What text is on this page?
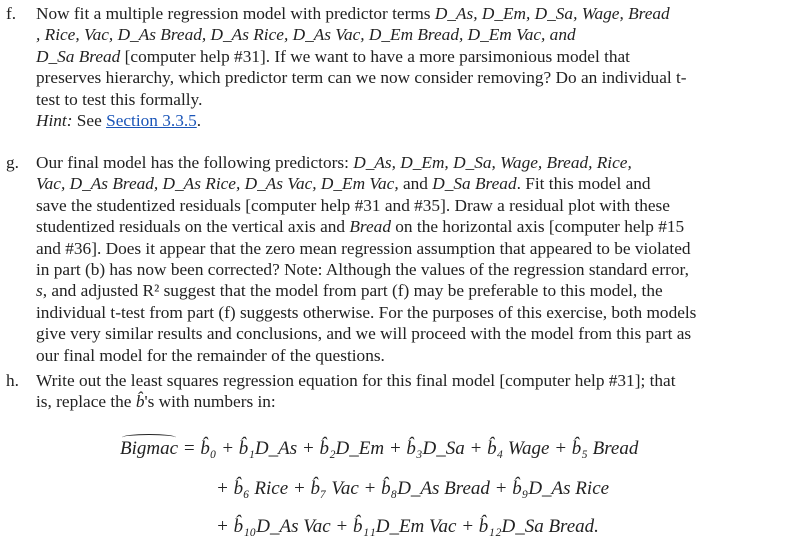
f.	Now fit a multiple regression model with predictor terms D_As, D_Em, D_Sa, Wage, Bread

, Rice, Vac, D_As Bread, D_As Rice, D_As Vac, D_Em Bread, D_Em Vac, and

D_Sa Bread [computer help #31]. If we want to have a more parsimonious model that

preserves hierarchy, which predictor term can we now consider removing? Do an individual t-

test to test this formally.

Hint: See Section 3.3.5.

g. Our final model has the following predictors: D_As, D_Em, D_Sa, Wage, Bread, Rice,

Vac, D_As Bread, D_As Rice, D_As Vac, D_Em Vac, and D_Sa Bread. Fit this model and

save the studentized residuals [computer help #31 and #35]. Draw a residual plot with these

studentized residuals on the vertical axis and Bread on the horizontal axis [computer help #15

and #36]. Does it appear that the zero mean regression assumption that appeared to be violated

in part (b) has now been corrected? Note: Although the values of the regression standard error,

s, and adjusted R² suggest that the model from part (f) may be preferable to this model, the

individual t-test from part (f) suggests otherwise. For the purposes of this exercise, both models

give very similar results and conclusions, and we will proceed with the model from this part as

our final model for the remainder of the questions.

h. Write out the least squares regression equation for this final model [computer help #31]; that

is, replace the b̂'s with numbers in:

Bigmac = b̂₀ + b̂₁D_As + b̂₂D_Em + b̂₃D_Sa + b̂₄ Wage + b̂₅ Bread
+ b̂₆ Rice + b̂₇ Vac + b̂₈D_As Bread + b̂₉D_As Rice
+ b̂₁₀D_As Vac + b̂₁₁D_Em Vac + b̂₁₂D_Sa Bread.
